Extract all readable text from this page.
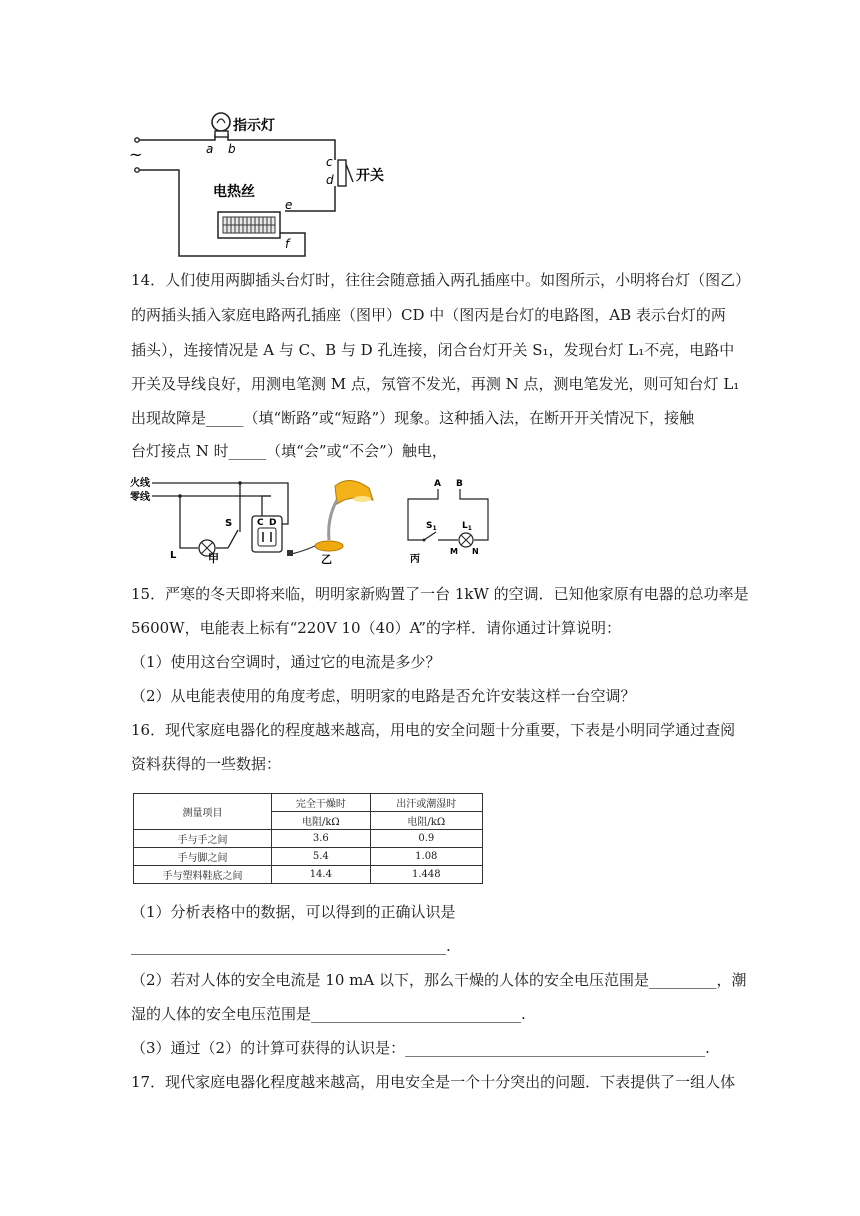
~
指示灯
a b
c
d 开关
电热丝
e
f
14．人们使用两脚插头台灯时，往往会随意插入两孔插座中。如图所示，小明将台灯（图乙）
的两插头插入家庭电路两孔插座（图甲）CD 中（图丙是台灯的电路图，AB 表示台灯的两
插头），连接情况是 A 与 C、B 与 D 孔连接，闭合台灯开关 S₁，发现台灯 L₁不亮，电路中
开关及导线良好，用测电笔测 M 点，氖管不发光，再测 N 点，测电笔发光，则可知台灯 L₁
出现故障是_____（填“断路”或“短路”）现象。这种插入法，在断开开关情况下，接触
台灯接点 N 时_____（填“会”或“不会”）触电，
火线
零线
L
S	C D
甲	乙
A B
$S_1$	$L_1$
M N
丙
15．严寒的冬天即将来临，明明家新购置了一台 1kW 的空调．已知他家原有电器的总功率是
5600W，电能表上标有“220V 10（40）A”的字样．请你通过计算说明：
（1）使用这台空调时，通过它的电流是多少？
（2）从电能表使用的角度考虑，明明家的电路是否允许安装这样一台空调？
16．现代家庭电器化的程度越来越高，用电的安全问题十分重要，下表是小明同学通过查阅
资料获得的一些数据：
测量项目	完全干燥时	出汗或潮湿时
	电阻/kΩ	电阻/kΩ
手与手之间	3.6	0.9
手与脚之间	5.4	1.08
手与塑料鞋底之间	14.4	1.448
（1）分析表格中的数据，可以得到的正确认识是
__________________________________________.
（2）若对人体的安全电流是 10 mA 以下，那么干燥的人体的安全电压范围是_________，潮
湿的人体的安全电压范围是____________________________.
（3）通过（2）的计算可获得的认识是：________________________________________.
17．现代家庭电器化程度越来越高，用电安全是一个十分突出的问题．下表提供了一组人体
